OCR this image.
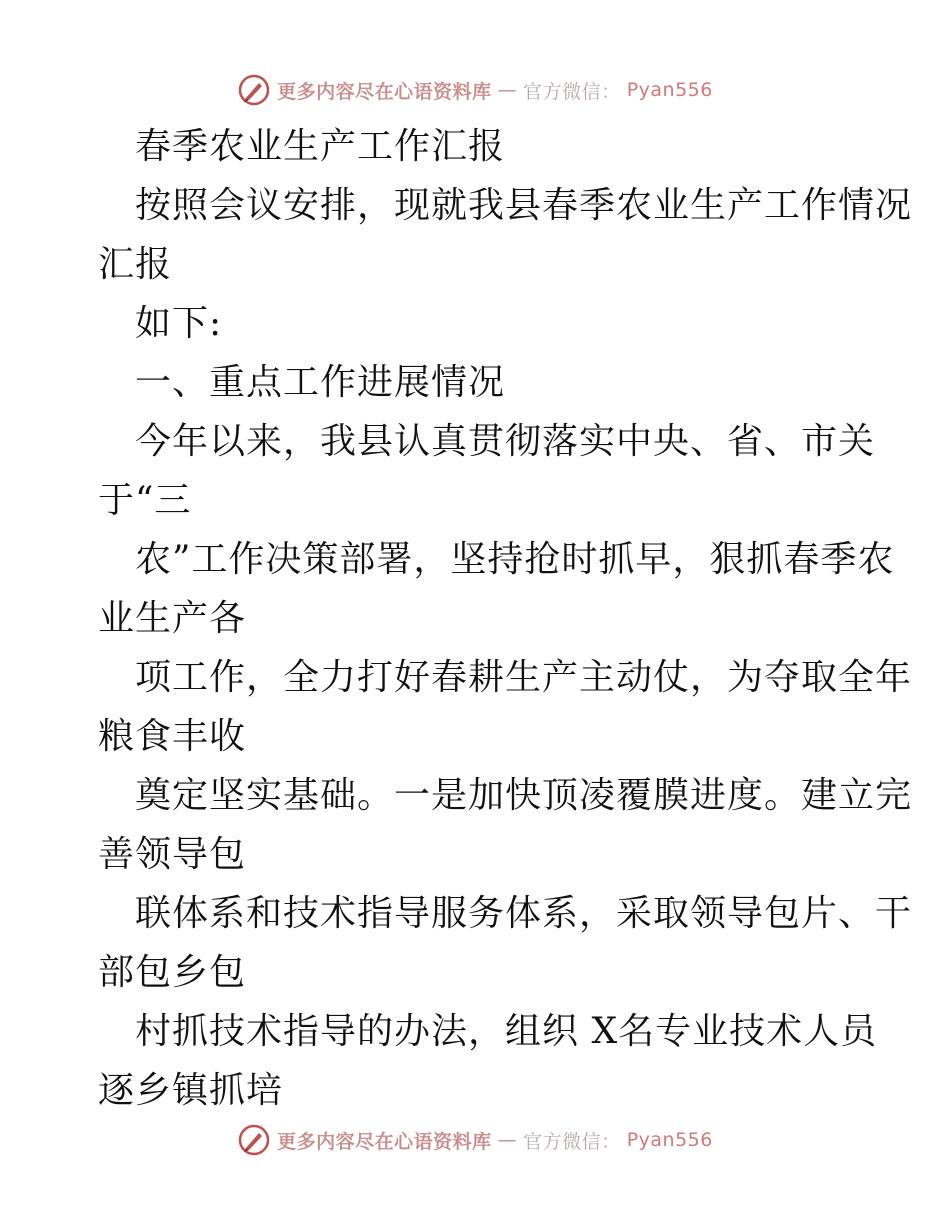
更多内容尽在心语资料库 — 官方微信： Pyan556
春季农业生产工作汇报
按照会议安排，现就我县春季农业生产工作情况
汇报
如下:
一、重点工作进展情况
今年以来，我县认真贯彻落实中央、省、市关
于“三
农”工作决策部署，坚持抢时抓早，狠抓春季农
业生产各
项工作，全力打好春耕生产主动仗，为夺取全年
粮食丰收
奠定坚实基础。一是加快顶凌覆膜进度。建立完
善领导包
联体系和技术指导服务体系，采取领导包片、干
部包乡包
村抓技术指导的办法，组织 X名专业技术人员
逐乡镇抓培
更多内容尽在心语资料库 — 官方微信： Pyan556
